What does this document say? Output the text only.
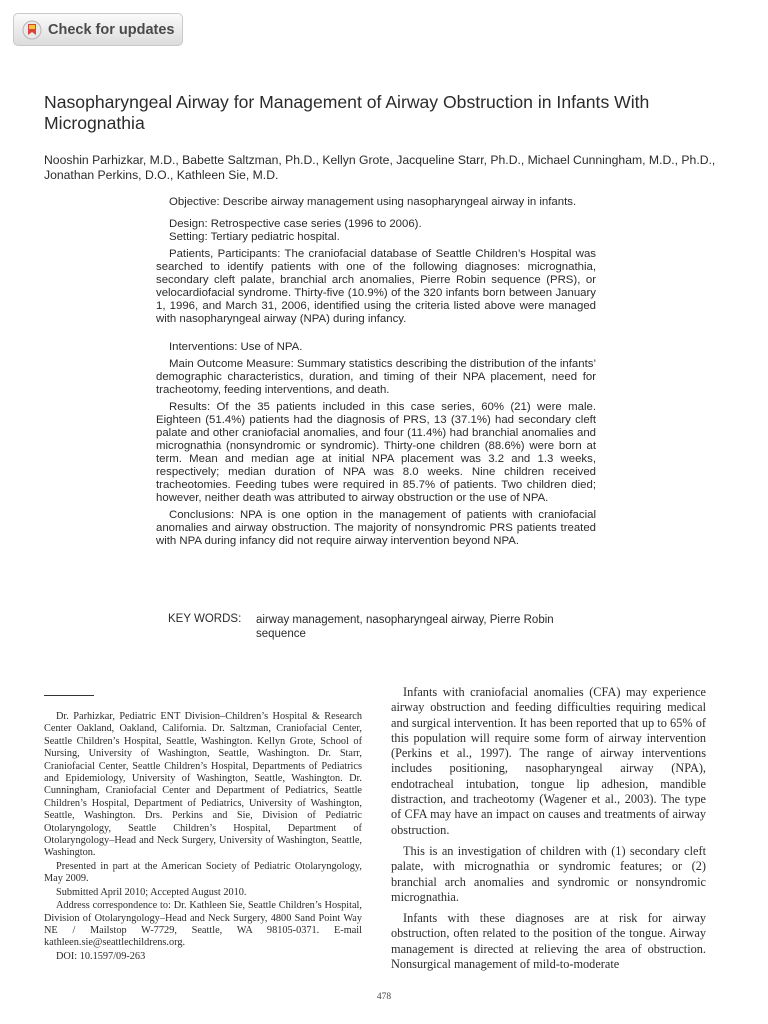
Check for updates
Nasopharyngeal Airway for Management of Airway Obstruction in Infants With Micrognathia
Nooshin Parhizkar, M.D., Babette Saltzman, Ph.D., Kellyn Grote, Jacqueline Starr, Ph.D., Michael Cunningham, M.D., Ph.D., Jonathan Perkins, D.O., Kathleen Sie, M.D.

Objective: Describe airway management using nasopharyngeal airway in infants.

Design: Retrospective case series (1996 to 2006).

Setting: Tertiary pediatric hospital.

Patients, Participants: The craniofacial database of Seattle Children’s Hospital was searched to identify patients with one of the following diagnoses: micrognathia, secondary cleft palate, branchial arch anomalies, Pierre Robin sequence (PRS), or velocardiofacial syndrome. Thirty-five (10.9%) of the 320 infants born between January 1, 1996, and March 31, 2006, identified using the criteria listed above were managed with nasopharyngeal airway (NPA) during infancy.

Interventions: Use of NPA.

Main Outcome Measure: Summary statistics describing the distribution of the infants’ demographic characteristics, duration, and timing of their NPA placement, need for tracheotomy, feeding interventions, and death.

Results: Of the 35 patients included in this case series, 60% (21) were male. Eighteen (51.4%) patients had the diagnosis of PRS, 13 (37.1%) had secondary cleft palate and other craniofacial anomalies, and four (11.4%) had branchial anomalies and micrognathia (nonsyndromic or syndromic). Thirty-one children (88.6%) were born at term. Mean and median age at initial NPA placement was 3.2 and 1.3 weeks, respectively; median duration of NPA was 8.0 weeks. Nine children received tracheotomies. Feeding tubes were required in 85.7% of patients. Two children died; however, neither death was attributed to airway obstruction or the use of NPA.

Conclusions: NPA is one option in the management of patients with craniofacial anomalies and airway obstruction. The majority of nonsyndromic PRS patients treated with NPA during infancy did not require airway intervention beyond NPA.

KEY WORDS: airway management, nasopharyngeal airway, Pierre Robin sequence

Dr. Parhizkar, Pediatric ENT Division–Children’s Hospital & Research Center Oakland, Oakland, California. Dr. Saltzman, Craniofacial Center, Seattle Children’s Hospital, Seattle, Washington. Kellyn Grote, School of Nursing, University of Washington, Seattle, Washington. Dr. Starr, Craniofacial Center, Seattle Children’s Hospital, Departments of Pediatrics and Epidemiology, University of Washington, Seattle, Washington. Dr. Cunningham, Craniofacial Center and Department of Pediatrics, Seattle Children’s Hospital, Department of Pediatrics, University of Washington, Seattle, Washington. Drs. Perkins and Sie, Division of Pediatric Otolaryngology, Seattle Children’s Hospital, Department of Otolaryngology–Head and Neck Surgery, University of Washington, Seattle, Washington.

Presented in part at the American Society of Pediatric Otolaryngology, May 2009.

Submitted April 2010; Accepted August 2010.

Address correspondence to: Dr. Kathleen Sie, Seattle Children’s Hospital, Division of Otolaryngology–Head and Neck Surgery, 4800 Sand Point Way NE / Mailstop W-7729, Seattle, WA 98105-0371. E-mail kathleen.sie@seattlechildrens.org.

DOI: 10.1597/09-263

Infants with craniofacial anomalies (CFA) may experience airway obstruction and feeding difficulties requiring medical and surgical intervention. It has been reported that up to 65% of this population will require some form of airway intervention (Perkins et al., 1997). The range of airway interventions includes positioning, nasopharyngeal airway (NPA), endotracheal intubation, tongue lip adhesion, mandible distraction, and tracheotomy (Wagener et al., 2003). The type of CFA may have an impact on causes and treatments of airway obstruction.

This is an investigation of children with (1) secondary cleft palate, with micrognathia or syndromic features; or (2) branchial arch anomalies and syndromic or nonsyndromic micrognathia.

Infants with these diagnoses are at risk for airway obstruction, often related to the position of the tongue. Airway management is directed at relieving the area of obstruction. Nonsurgical management of mild-to-moderate

478
